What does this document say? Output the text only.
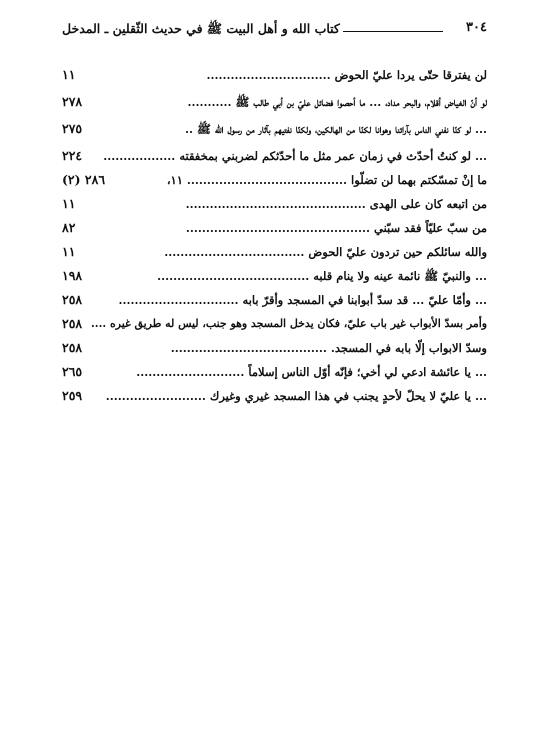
٣٠٤
كتاب الله و أهل البيت ﷺ في حديث الثّقلين ـ المدخل
لن يفترقا حتّى يردا عليّ الحوض ...............................
١١
لو أنّ الغياض أقلام، والبحر مداد، ... ما أحصوا فضائل عليّ بن أبي طالب ﷺ ...........
٢٧٨
... لو كنّا نفني الناس بآرائنا وهوانا لكنّا من الهالكين، ولكنّا نفتيهم بآثار من رسول الله ﷺ ..
٢٧٥
... لو كنتُ أحدّث في زمان عمر مثل ما أحدّثكم لضربني بمخفقته ..................
٢٢٤
ما إنْ تمسّكتم بهما لن تضلّوا ........................................ ١١،
٢٨٦ (٢)
من اتبعه كان على الهدى .............................................
١١
من سبّ عليّاً فقد سبّني ..............................................
٨٢
والله سائلكم حين تردون عليّ الحوض ...................................
١١
... والنبيّ ﷺ نائمة عينه ولا ينام قلبه ......................................
١٩٨
... وأمّا عليّ ... قد سدّ أبوابنا في المسجد وأقرّ بابه ..............................
٢٥٨
وأمر بسدّ الأبواب غير باب عليّ، فكان يدخل المسجد وهو جنب، ليس له طريق غيره ....
٢٥٨
وسدّ الابواب إلّا بابه في المسجد. .......................................
٢٥٨
... يا عائشة ادعي لي أخي؛ فإنّه أوّل الناس إسلاماً ...........................
٢٦٥
... يا عليّ لا يحلّ لأحدٍ يجنب في هذا المسجد غيري وغيرك .........................
٢٥٩
